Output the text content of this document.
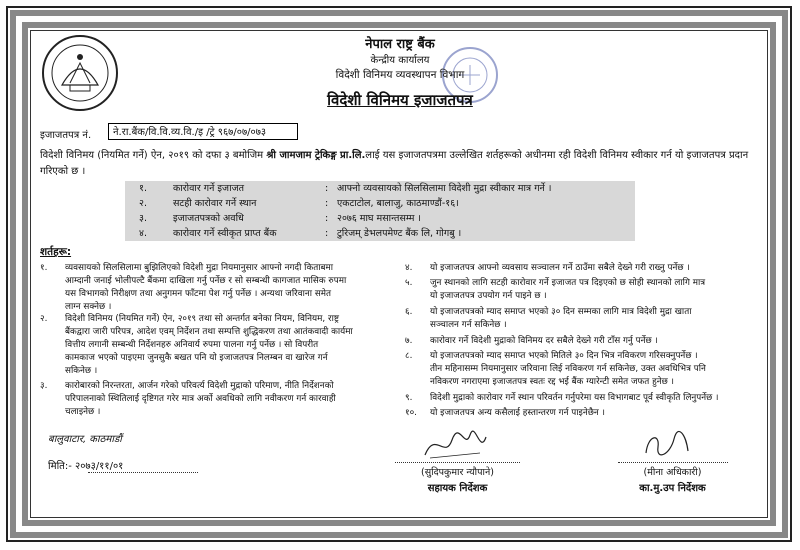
नेपाल राष्ट्र बैंक
केन्द्रीय कार्यालय
विदेशी विनिमय व्यवस्थापन विभाग
विदेशी विनिमय इजाजतपत्र
इजाजतपत्र नं.	ने.रा.बैंक/वि.वि.व्य.वि./इ /ट्रे ९६७/०७/०७३
विदेशी विनिमय (नियमित गर्ने) ऐन, २०१९ को दफा ३ बमोजिम श्री जामजाम ट्रेकिङ्ग प्रा.लि.लाई यस इजाजतपत्रमा उल्लेखित शर्तहरूको अधीनमा रही विदेशी विनिमय स्वीकार गर्न यो इजाजतपत्र प्रदान गरिएको छ ।
१.	कारोवार गर्ने इजाजत	: आफ्नो व्यवसायको सिलसिलामा विदेशी मुद्रा स्वीकार मात्र गर्ने ।
२.	सटही कारोवार गर्ने स्थान	: एकटाटोल, बालाजु, काठमाण्डौं-१६।
३.	इजाजतपत्रको अवधि	: २०७६ माघ मसान्तसम्म ।
४.	कारोवार गर्ने स्वीकृत प्राप्त बैंक	: टुरिजम् डेभलपमेण्ट बैंक लि, गोगबु ।
शर्तहरू:
१. व्यवसायको सिलसिलामा बुझिलिएको विदेशी मुद्रा नियमानुसार आफ्नो नगदी किताबमा
आम्दानी जनाई भोलीपल्टै बैंकमा दाखिला गर्नु पर्नेछ र सो सम्बन्धी कागजात मासिक रुपमा
यस विभागको निरीक्षण तथा अनुगमन फाँटमा पेश गर्नु पर्नेछ । अन्यथा जरिवाना समेत
लाग्न सक्नेछ ।
२. विदेशी विनिमय (नियमित गर्ने) ऐन, २०१९ तथा सो अन्तर्गत बनेका नियम, विनियम, राष्ट्र
बैंकद्वारा जारी परिपत्र, आदेश एवम् निर्देशन तथा सम्पत्ति शुद्धिकरण तथा आतंकवादी कार्यमा
वित्तीय लगानी सम्बन्धी निर्देशनहरु अनिवार्य रुपमा पालना गर्नु पर्नेछ । सो विपरीत
कामकाज भएको पाइएमा जुनसुकै बखत पनि यो इजाजतपत्र निलम्बन वा खारेज गर्न
सकिनेछ ।
३. कारोबारको निरन्तरता, आर्जन गरेको परिवर्त्य विदेशी मुद्राको परिमाण, नीति निर्देशनको
परिपालनाको स्थितिलाई दृष्टिगत गरेर मात्र अर्को अवधिको लागि नवीकरण गर्न कारवाही
चलाइनेछ ।
४. यो इजाजतपत्र आफ्नो व्यवसाय सञ्चालन गर्ने ठाउँमा सबैले देख्ने गरी राख्नु पर्नेछ ।
५. जुन स्थानको लागि सटही कारोवार गर्ने इजाजत पत्र दिइएको छ सोही स्थानको लागि मात्र
यो इजाजतपत्र उपयोग गर्न पाइने छ ।
६. यो इजाजतपत्रको म्याद समाप्त भएको ३० दिन सम्मका लागि मात्र विदेशी मुद्रा खाता
सञ्चालन गर्न सकिनेछ ।
७. कारोवार गर्ने विदेशी मुद्राको विनिमय दर सबैले देख्ने गरी टाँस गर्नु पर्नेछ ।
८. यो इजाजतपत्रको म्याद समाप्त भएको मितिले ३० दिन भित्र नविकरण गरिसक्नुपर्नेछ ।
तीन महिनासम्म नियमानुसार जरिवाना लिई नविकरण गर्न सकिनेछ, उक्त अवधिभित्र पनि
नविकरण नगराएमा इजाजतपत्र स्वतः रद्द भई बैंक ग्यारेन्टी समेत जफत हुनेछ ।
९. विदेशी मुद्राको कारोवार गर्ने स्थान परिवर्तन गर्नुपरेमा यस विभागबाट पूर्व स्वीकृति लिनुपर्नेछ ।
१०. यो इजाजतपत्र अन्य कसैलाई हस्तान्तरण गर्न पाइनेछैन ।
बालुवाटार, काठमाडौं
मिति:- २०७३/११/०१
(सुदिपकुमार न्यौपाने)
सहायक निर्देशक
(मीना अधिकारी)
का.मु.उप निर्देशक
